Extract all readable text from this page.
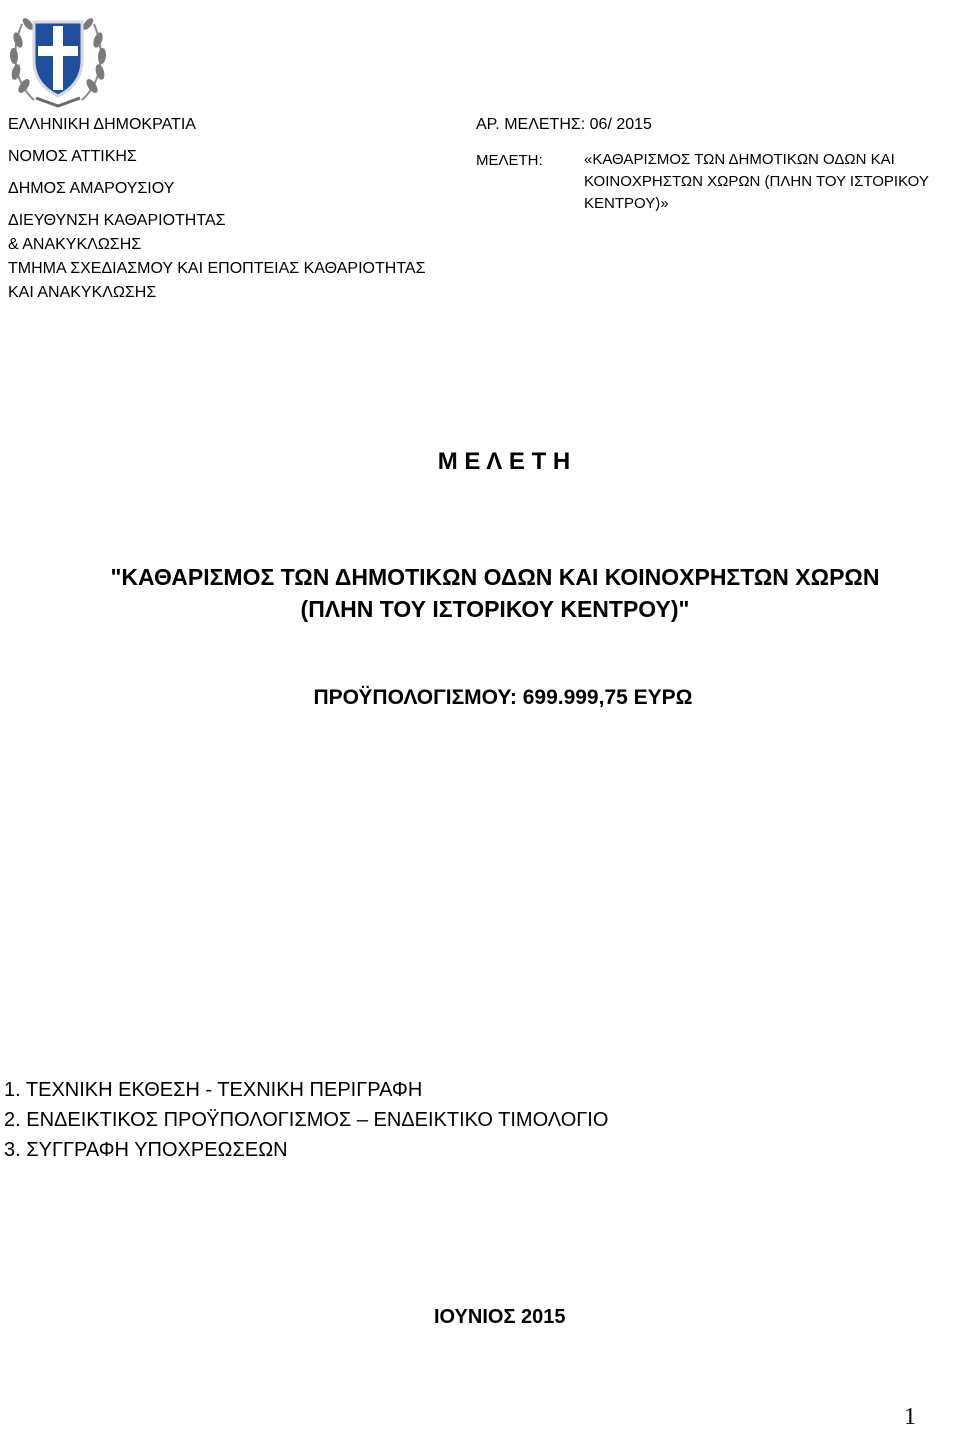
ΕΛΛΗΝΙΚΗ ΔΗΜΟΚΡΑΤΙΑ
ΝΟΜΟΣ ΑΤΤΙΚΗΣ
ΔΗΜΟΣ ΑΜΑΡΟΥΣΙΟΥ
ΔΙΕΥΘΥΝΣΗ ΚΑΘΑΡΙΟΤΗΤΑΣ
& ΑΝΑΚΥΚΛΩΣΗΣ
ΤΜΗΜΑ ΣΧΕΔΙΑΣΜΟΥ ΚΑΙ ΕΠΟΠΤΕΙΑΣ ΚΑΘΑΡΙΟΤΗΤΑΣ
ΚΑΙ ΑΝΑΚΥΚΛΩΣΗΣ
ΑΡ. ΜΕΛΕΤΗΣ: 06/ 2015
ΜΕΛΕΤΗ:	«ΚΑΘΑΡΙΣΜΟΣ ΤΩΝ ΔΗΜΟΤΙΚΩΝ ΟΔΩΝ ΚΑΙ
ΚΟΙΝΟΧΡΗΣΤΩΝ ΧΩΡΩΝ (ΠΛΗΝ ΤΟΥ ΙΣΤΟΡΙΚΟΥ
ΚΕΝΤΡΟΥ)»
Μ Ε Λ Ε Τ Η
"ΚΑΘΑΡΙΣΜΟΣ ΤΩΝ ΔΗΜΟΤΙΚΩΝ ΟΔΩΝ ΚΑΙ ΚΟΙΝΟΧΡΗΣΤΩΝ ΧΩΡΩΝ
(ΠΛΗΝ ΤΟΥ ΙΣΤΟΡΙΚΟΥ ΚΕΝΤΡΟΥ)"
ΠΡΟΫΠΟΛΟΓΙΣΜΟΥ: 699.999,75 ΕΥΡΩ
1. ΤΕΧΝΙΚΗ ΕΚΘΕΣΗ - ΤΕΧΝΙΚΗ ΠΕΡΙΓΡΑΦΗ
2. ΕΝΔΕΙΚΤΙΚΟΣ ΠΡΟΫΠΟΛΟΓΙΣΜΟΣ – ΕΝΔΕΙΚΤΙΚΟ ΤΙΜΟΛΟΓΙΟ
3. ΣΥΓΓΡΑΦΗ ΥΠΟΧΡΕΩΣΕΩΝ
ΙΟΥΝΙΟΣ 2015
1
